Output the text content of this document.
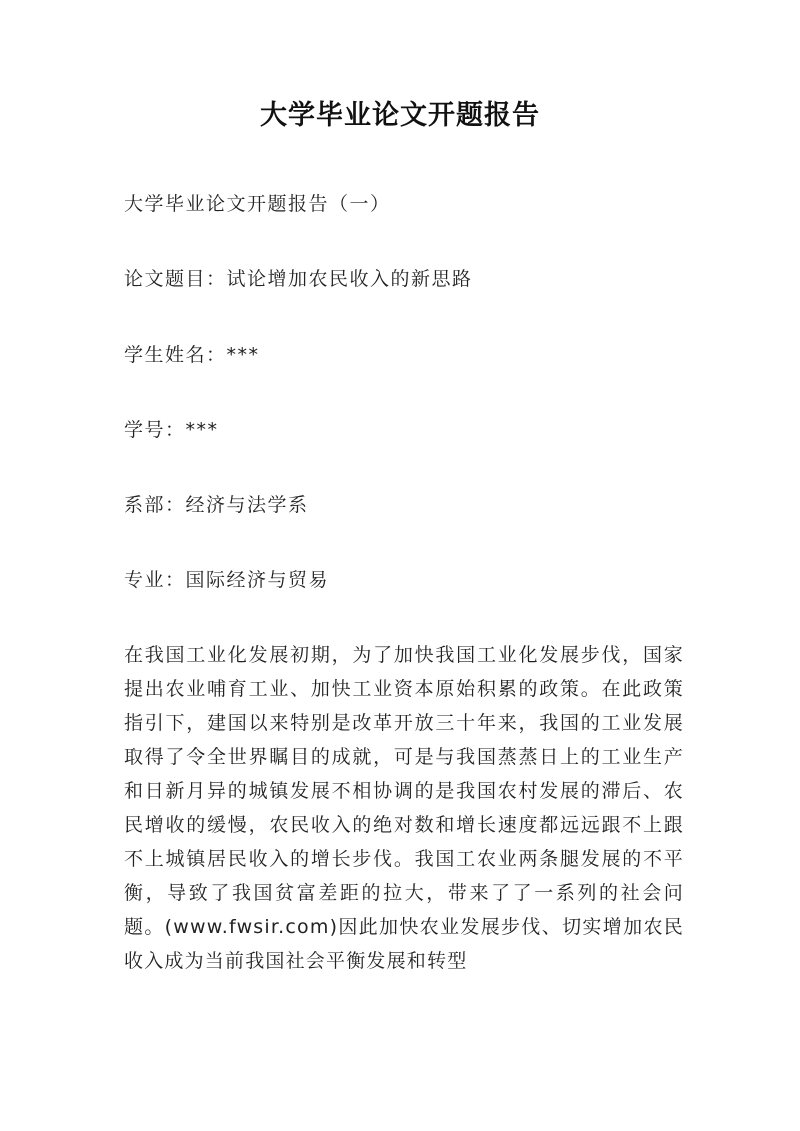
大学毕业论文开题报告
大学毕业论文开题报告（一）
论文题目：试论增加农民收入的新思路
学生姓名：***
学号：***
系部：经济与法学系
专业：国际经济与贸易
在我国工业化发展初期，为了加快我国工业化发展步伐，国家提出农业哺育工业、加快工业资本原始积累的政策。在此政策指引下，建国以来特别是改革开放三十年来，我国的工业发展取得了令全世界瞩目的成就，可是与我国蒸蒸日上的工业生产和日新月异的城镇发展不相协调的是我国农村发展的滞后、农民增收的缓慢，农民收入的绝对数和增长速度都远远跟不上跟不上城镇居民收入的增长步伐。我国工农业两条腿发展的不平衡，导致了我国贫富差距的拉大，带来了了一系列的社会问题。(www.fwsir.com)因此加快农业发展步伐、切实增加农民收入成为当前我国社会平衡发展和转型
